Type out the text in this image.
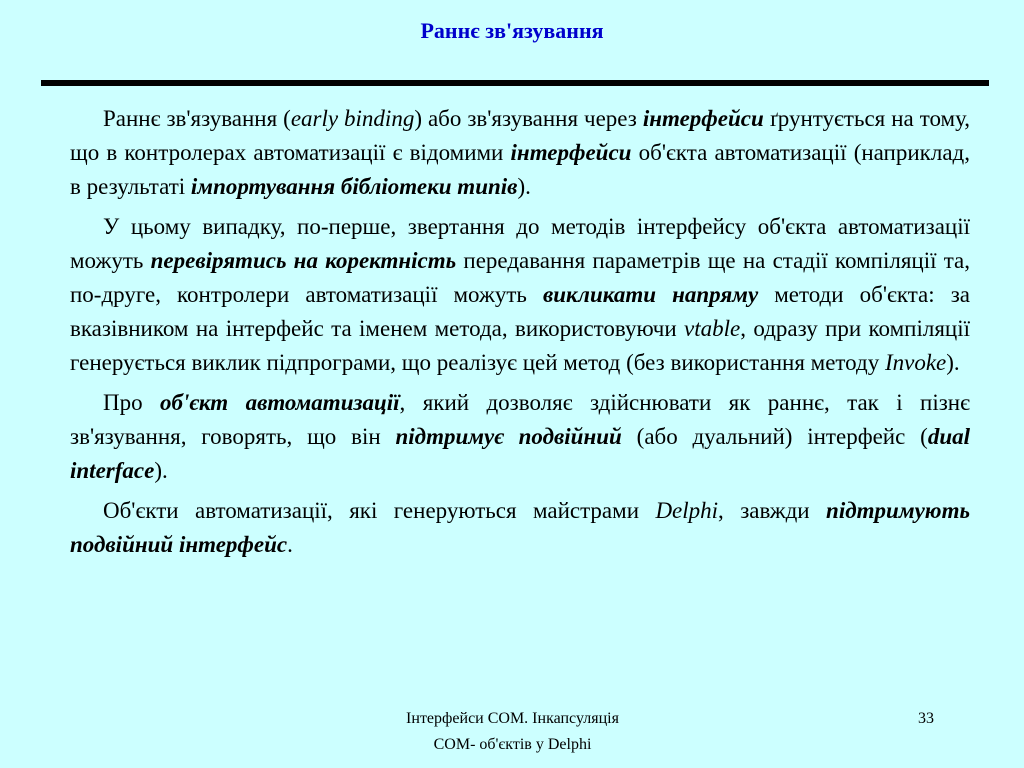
Раннє зв'язування

Раннє зв'язування (early binding) або зв'язування через інтерфейси ґрунтується на тому, що в контролерах автоматизації є відомими інтерфейси об'єкта автоматизації (наприклад, в результаті імпортування бібліотеки типів).

У цьому випадку, по-перше, звертання до методів інтерфейсу об'єкта автоматизації можуть перевірятись на коректність передавання параметрів ще на стадії компіляції та, по-друге, контролери автоматизації можуть викликати напряму методи об'єкта: за вказівником на інтерфейс та іменем метода, використовуючи vtable, одразу при компіляції генерується виклик підпрограми, що реалізує цей метод (без використання методу Invoke).

Про об'єкт автоматизації, який дозволяє здійснювати як раннє, так і пізнє зв'язування, говорять, що він підтримує подвійний (або дуальний) інтерфейс (dual interface).

Об'єкти автоматизації, які генеруються майстрами Delphi, завжди підтримують подвійний інтерфейс.

Інтерфейси COM. Інкапсуляція
COM- об'єктів у Delphi
33
